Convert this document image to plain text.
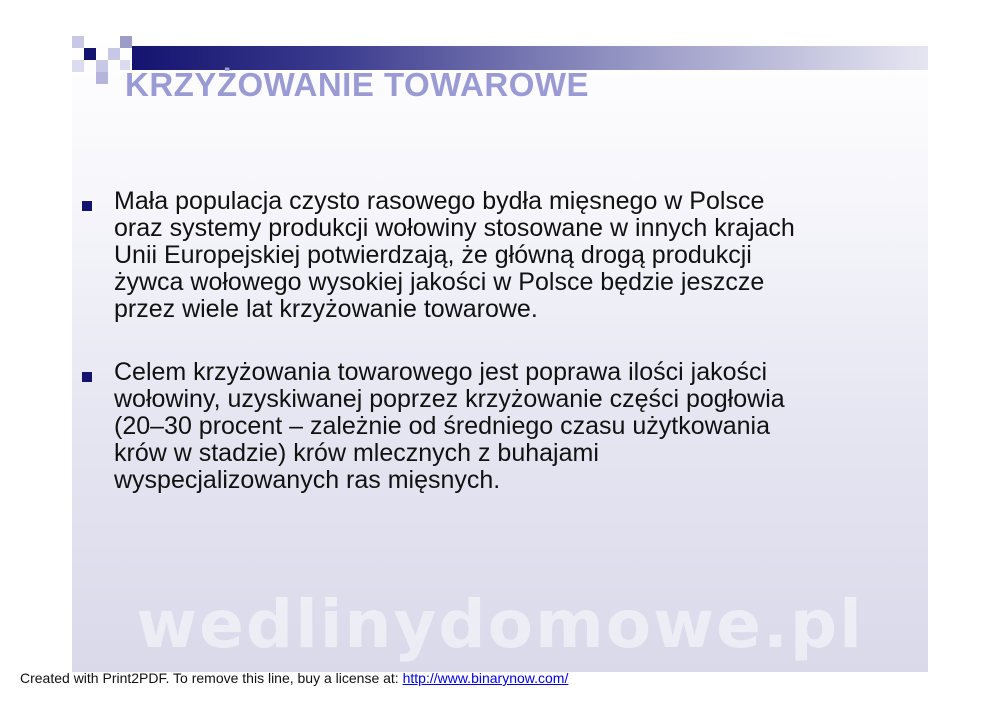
KRZYŻOWANIE TOWAROWE
Mała populacja czysto rasowego bydła mięsnego w Polsce
oraz systemy produkcji wołowiny stosowane w innych krajach
Unii Europejskiej potwierdzają, że główną drogą produkcji
żywca wołowego wysokiej jakości w Polsce będzie jeszcze
przez wiele lat krzyżowanie towarowe.
Celem krzyżowania towarowego jest poprawa ilości jakości
wołowiny, uzyskiwanej poprzez krzyżowanie części pogłowia
(20–30 procent – zależnie od średniego czasu użytkowania
krów w stadzie) krów mlecznych z buhajami
wyspecjalizowanych ras mięsnych.
wedlinydomowe.pl
Created with Print2PDF. To remove this line, buy a license at: http://www.binarynow.com/
